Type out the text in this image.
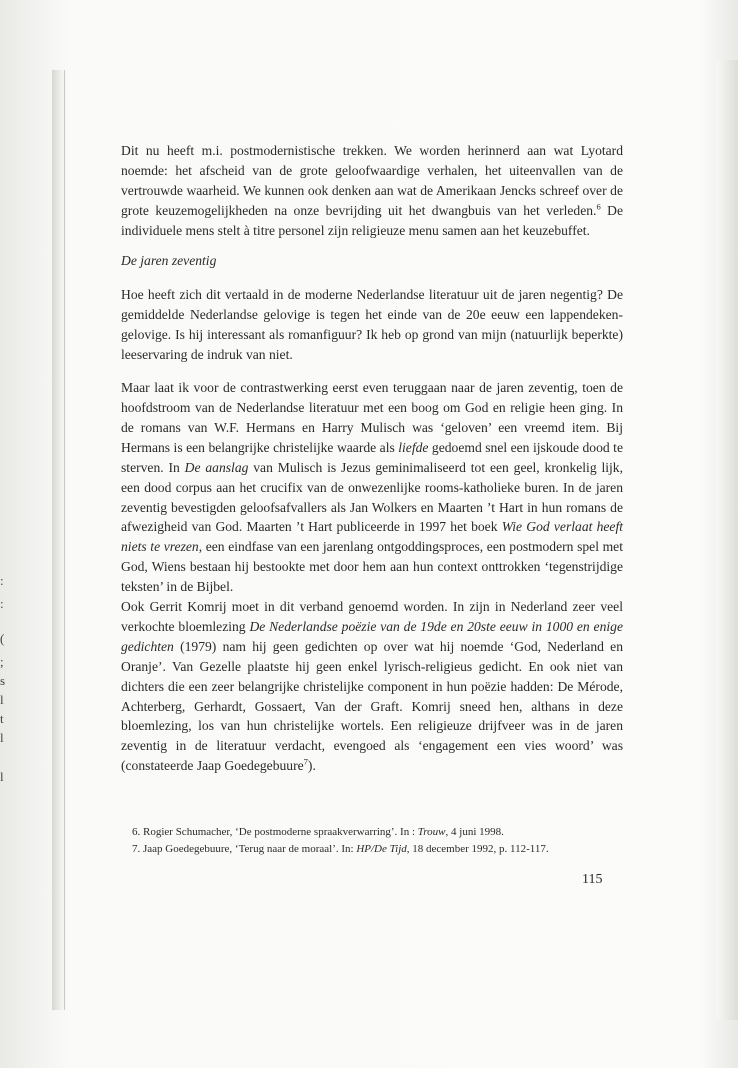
:
:
(
;
s
l
t
l
l

Dit nu heeft m.i. postmodernistische trekken. We worden herinnerd aan wat Lyotard noemde: het afscheid van de grote geloofwaardige verhalen, het uiteenvallen van de vertrouwde waarheid. We kunnen ook denken aan wat de Amerikaan Jencks schreef over de grote keuzemogelijkheden na onze bevrijding uit het dwangbuis van het verleden.$^6$ De individuele mens stelt à titre personel zijn religieuze menu samen aan het keuzebuffet.

De jaren zeventig

Hoe heeft zich dit vertaald in de moderne Nederlandse literatuur uit de jaren negentig? De gemiddelde Nederlandse gelovige is tegen het einde van de 20e eeuw een lappendeken-gelovige. Is hij interessant als romanfiguur? Ik heb op grond van mijn (natuurlijk beperkte) leeservaring de indruk van niet.

Maar laat ik voor de contrastwerking eerst even teruggaan naar de jaren zeventig, toen de hoofdstroom van de Nederlandse literatuur met een boog om God en religie heen ging. In de romans van W.F. Hermans en Harry Mulisch was ‘geloven’ een vreemd item. Bij Hermans is een belangrijke christelijke waarde als liefde gedoemd snel een ijskoude dood te sterven. In De aanslag van Mulisch is Jezus geminimaliseerd tot een geel, kronkelig lijk, een dood corpus aan het crucifix van de onwezenlijke rooms-katholieke buren. In de jaren zeventig bevestigden geloofsafvallers als Jan Wolkers en Maarten ’t Hart in hun romans de afwezigheid van God. Maarten ’t Hart publiceerde in 1997 het boek Wie God verlaat heeft niets te vrezen, een eindfase van een jarenlang ontgoddingsproces, een postmodern spel met God, Wiens bestaan hij bestookte met door hem aan hun context onttrokken ‘tegenstrijdige teksten’ in de Bijbel.

Ook Gerrit Komrij moet in dit verband genoemd worden. In zijn in Nederland zeer veel verkochte bloemlezing De Nederlandse poëzie van de 19de en 20ste eeuw in 1000 en enige gedichten (1979) nam hij geen gedichten op over wat hij noemde ‘God, Nederland en Oranje’. Van Gezelle plaatste hij geen enkel lyrisch-religieus gedicht. En ook niet van dichters die een zeer belangrijke christelijke component in hun poëzie hadden: De Mérode, Achterberg, Gerhardt, Gossaert, Van der Graft. Komrij sneed hen, althans in deze bloemlezing, los van hun christelijke wortels. Een religieuze drijfveer was in de jaren zeventig in de literatuur verdacht, evengoed als ‘engagement een vies woord’ was (constateerde Jaap Goedegebuure$^7$).

6. Rogier Schumacher, ‘De postmoderne spraakverwarring’. In : Trouw, 4 juni 1998.

7. Jaap Goedegebuure, ‘Terug naar de moraal’. In: HP/De Tijd, 18 december 1992, p. 112-117.

115
